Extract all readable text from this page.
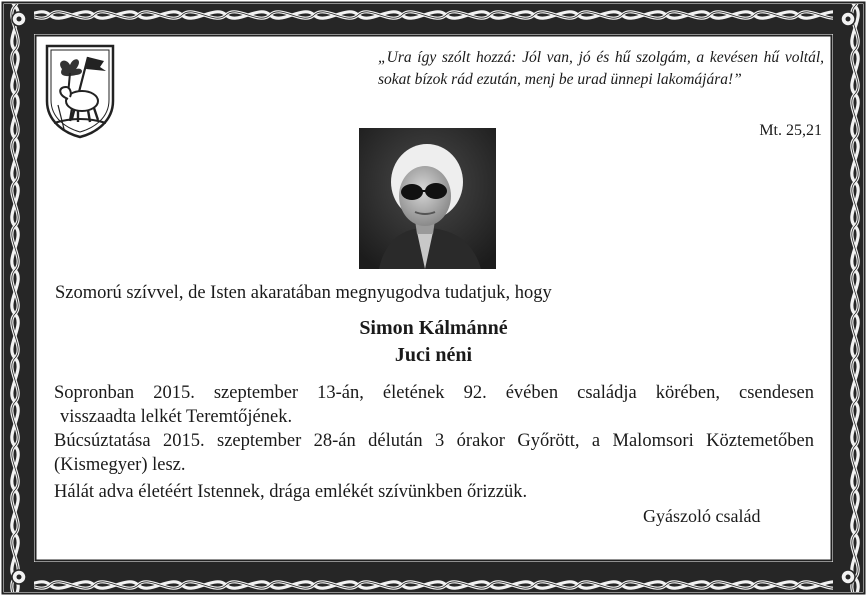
„Ura így szólt hozzá: Jól van, jó és hű szolgám, a kevésen hű voltál, sokat bízok rád ezután, menj be urad ünnepi lakomájára!”
Mt. 25,21
Szomorú szívvel, de Isten akaratában megnyugodva tudatjuk, hogy
Simon Kálmánné
Juci néni
Sopronban 2015. szeptember 13-án, életének 92. évében családja körében, csendesen
visszaadta lelkét Teremtőjének.
Búcsúztatása 2015. szeptember 28-án délután 3 órakor Győrött, a Malomsori Köztemetőben
(Kismegyer) lesz.
Hálát adva életéért Istennek, drága emlékét szívünkben őrizzük.
Gyászoló család
